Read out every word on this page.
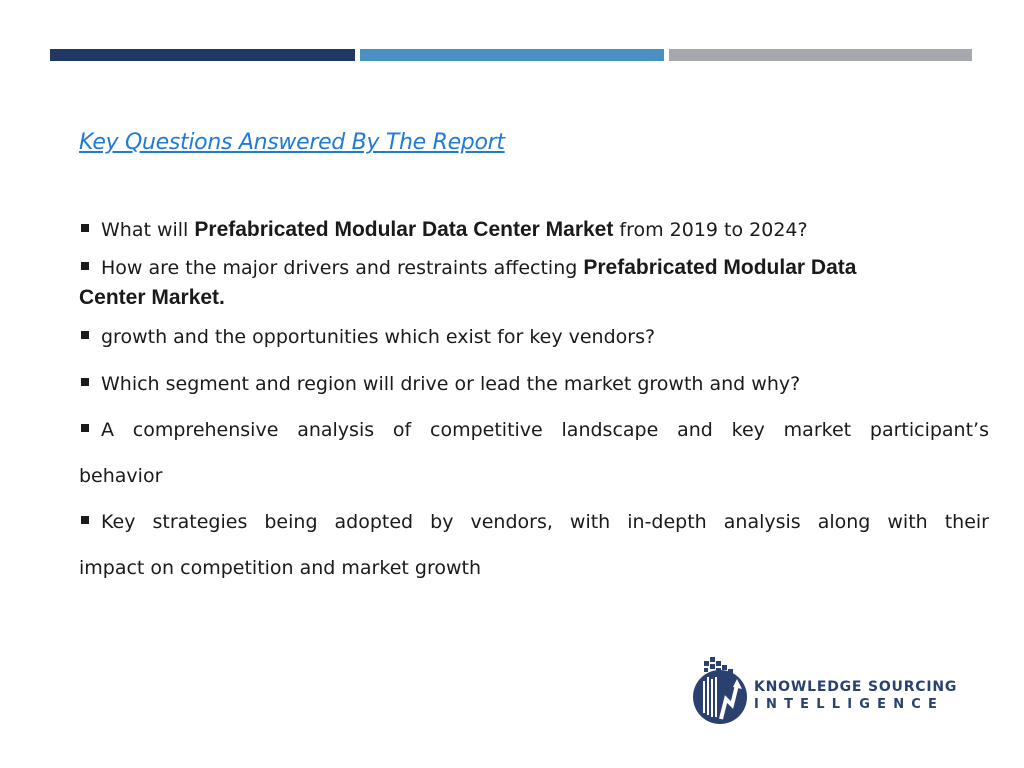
Key Questions Answered By The Report
What will Prefabricated Modular Data Center Market from 2019 to 2024?
How are the major drivers and restraints affecting Prefabricated Modular Data
Center Market.
growth and the opportunities which exist for key vendors?
Which segment and region will drive or lead the market growth and why?
A comprehensive analysis of competitive landscape and key market participant’s
behavior
Key strategies being adopted by vendors, with in-depth analysis along with their
impact on competition and market growth
KNOWLEDGE SOURCING
INTELLIGENCE
